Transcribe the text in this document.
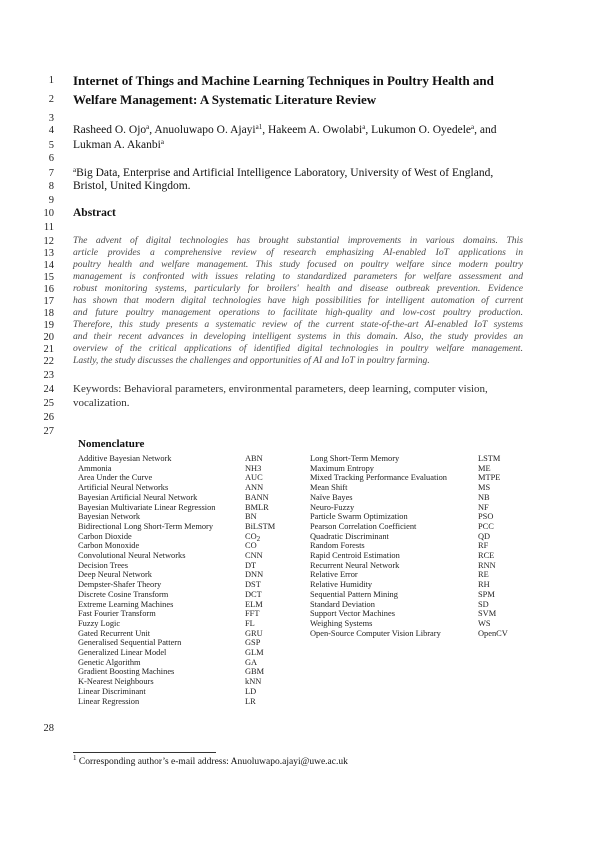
1
2
3
4
5
6
7
8
9
10
11
12
13
14
15
16
17
18
19
20
21
22
23
24
25
26
27
28
Internet of Things and Machine Learning Techniques in Poultry Health and
Welfare Management: A Systematic Literature Review
Rasheed O. Ojo$^a$, Anuoluwapo O. Ajayi$^{a1}$, Hakeem A. Owolabi$^a$, Lukumon O. Oyedele$^a$, and
Lukman A. Akanbi$^a$
$^a$Big Data, Enterprise and Artificial Intelligence Laboratory, University of West of England,
Bristol, United Kingdom.
Abstract
The advent of digital technologies has brought substantial improvements in various domains. This
article provides a comprehensive review of research emphasizing AI-enabled IoT applications in
poultry health and welfare management. This study focused on poultry welfare since modern poultry
management is confronted with issues relating to standardized parameters for welfare assessment and
robust monitoring systems, particularly for broilers' health and disease outbreak prevention. Evidence
has shown that modern digital technologies have high possibilities for intelligent automation of current
and future poultry management operations to facilitate high-quality and low-cost poultry production.
Therefore, this study presents a systematic review of the current state-of-the-art AI-enabled IoT systems
and their recent advances in developing intelligent systems in this domain. Also, the study provides an
overview of the critical applications of identified digital technologies in poultry welfare management.
Lastly, the study discusses the challenges and opportunities of AI and IoT in poultry farming.
Keywords: Behavioral parameters, environmental parameters, deep learning, computer vision,
vocalization.
Nomenclature
Additive Bayesian Network	ABN
Ammonia	NH3
Area Under the Curve	AUC
Artificial Neural Networks	ANN
Bayesian Artificial Neural Network	BANN
Bayesian Multivariate Linear Regression	BMLR
Bayesian Network	BN
Bidirectional Long Short-Term Memory	BiLSTM
Carbon Dioxide	$CO_2$
Carbon Monoxide	CO
Convolutional Neural Networks	CNN
Decision Trees	DT
Deep Neural Network	DNN
Dempster-Shafer Theory	DST
Discrete Cosine Transform	DCT
Extreme Learning Machines	ELM
Fast Fourier Transform	FFT
Fuzzy Logic	FL
Gated Recurrent Unit	GRU
Generalised Sequential Pattern	GSP
Generalized Linear Model	GLM
Genetic Algorithm	GA
Gradient Boosting Machines	GBM
K-Nearest Neighbours	kNN
Linear Discriminant	LD
Linear Regression	LR
Long Short-Term Memory	LSTM
Maximum Entropy	ME
Mixed Tracking Performance Evaluation	MTPE
Mean Shift	MS
Naïve Bayes	NB
Neuro-Fuzzy	NF
Particle Swarm Optimization	PSO
Pearson Correlation Coefficient	PCC
Quadratic Discriminant	QD
Random Forests	RF
Rapid Centroid Estimation	RCE
Recurrent Neural Network	RNN
Relative Error	RE
Relative Humidity	RH
Sequential Pattern Mining	SPM
Standard Deviation	SD
Support Vector Machines	SVM
Weighing Systems	WS
Open-Source Computer Vision Library	OpenCV
$^1$ Corresponding author’s e-mail address: Anuoluwapo.ajayi@uwe.ac.uk
